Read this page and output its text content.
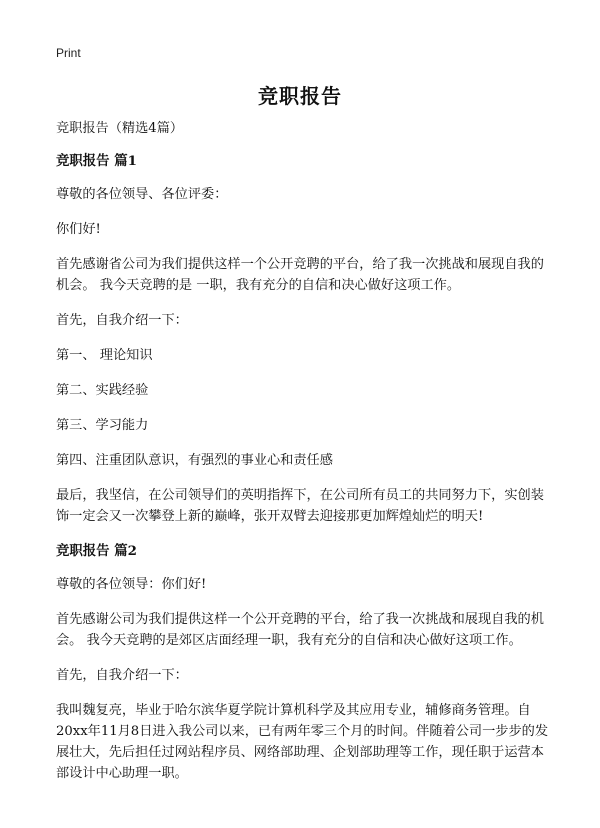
Print
竞职报告

竞职报告（精选4篇）

竞职报告 篇1

尊敬的各位领导、各位评委：

你们好!

首先感谢省公司为我们提供这样一个公开竞聘的平台，给了我一次挑战和展现自我的机会。 我今天竞聘的是 一职，我有充分的自信和决心做好这项工作。

首先，自我介绍一下：

第一、 理论知识

第二、实践经验

第三、学习能力

第四、注重团队意识，有强烈的事业心和责任感

最后，我坚信，在公司领导们的英明指挥下，在公司所有员工的共同努力下，实创装饰一定会又一次攀登上新的巅峰，张开双臂去迎接那更加辉煌灿烂的明天!

竞职报告 篇2

尊敬的各位领导：你们好!

首先感谢公司为我们提供这样一个公开竞聘的平台，给了我一次挑战和展现自我的机会。 我今天竞聘的是郊区店面经理一职，我有充分的自信和决心做好这项工作。

首先，自我介绍一下：

我叫魏复亮，毕业于哈尔滨华夏学院计算机科学及其应用专业，辅修商务管理。自20xx年11月8日进入我公司以来，已有两年零三个月的时间。伴随着公司一步步的发展壮大，先后担任过网站程序员、网络部助理、企划部助理等工作，现任职于运营本部设计中心助理一职。
